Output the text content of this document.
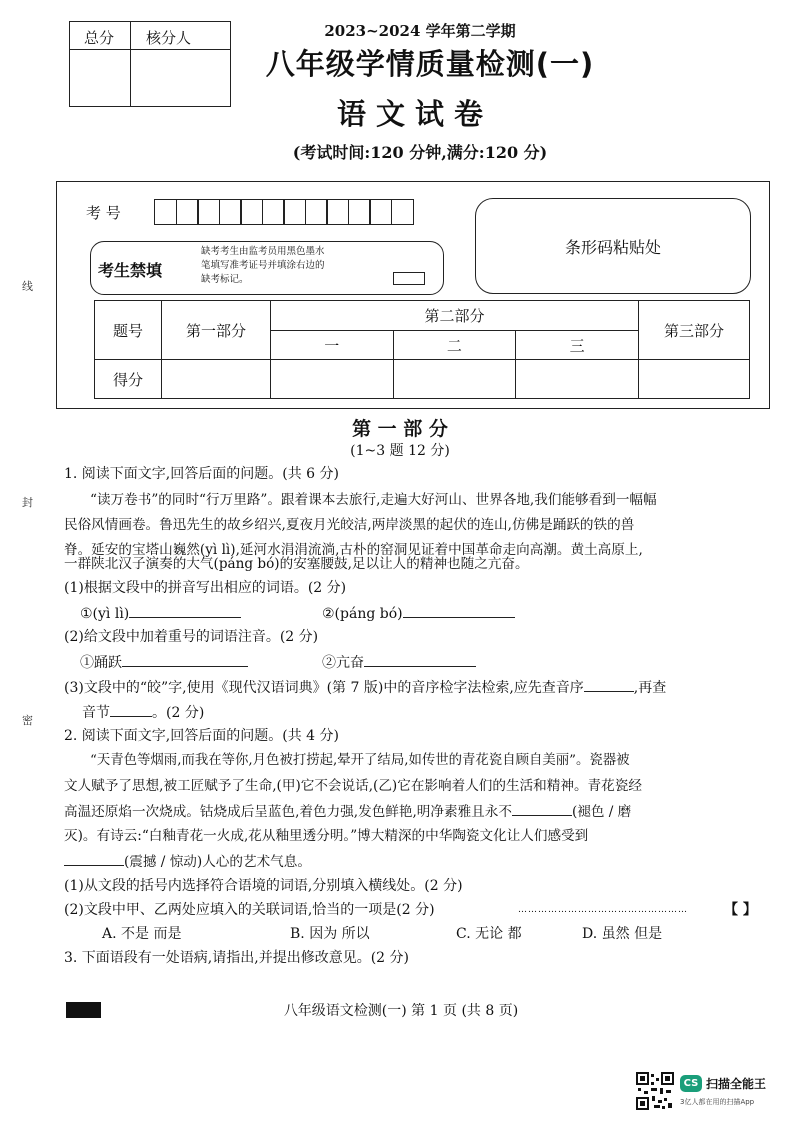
总分 核分人	2023~2024 学年第二学期
八年级学情质量检测(一)
语文试卷
(考试时间:120 分钟,满分:120 分)
线
封
密
考 号
条形码粘贴处
考生禁填
缺考考生由监考员用黑色墨水
笔填写准考证号并填涂右边的
缺考标记。
题号	第一部分	第二部分			第三部分
		一	二	三	
得分					
第 一 部 分
(1~3 题 12 分)
1. 阅读下面文字,回答后面的问题。(共 6 分)
“读万卷书”的同时“行万里路”。跟着课本去旅行,走遍大好河山、世界各地,我们能够看到一幅幅
民俗风情画卷。鲁迅先生的故乡绍兴,夏夜月光皎洁,两岸淡黑的起伏的连山,仿佛是踊跃的铁的兽
脊。延安的宝塔山巍然(yì lì),延河水涓涓流淌,古朴的窑洞见证着中国革命走向高潮。黄土高原上,
一群陕北汉子演奏的大气(páng bó)的安塞腰鼓,足以让人的精神也随之亢奋。
(1)根据文段中的拼音写出相应的词语。(2 分)
①(yì lì)	②(páng bó)
(2)给文段中加着重号的词语注音。(2 分)
①踊跃	②亢奋
(3)文段中的“皎”字,使用《现代汉语词典》(第 7 版)中的音序检字法检索,应先查音序	,再查
音节	。(2 分)
2. 阅读下面文字,回答后面的问题。(共 4 分)
“天青色等烟雨,而我在等你,月色被打捞起,晕开了结局,如传世的青花瓷自顾自美丽”。瓷器被
文人赋予了思想,被工匠赋予了生命,(甲)它不会说话,(乙)它在影响着人们的生活和精神。青花瓷经
高温还原焰一次烧成。钴烧成后呈蓝色,着色力强,发色鲜艳,明净素雅且永不	(褪色 / 磨
灭)。有诗云:“白釉青花一火成,花从釉里透分明。”博大精深的中华陶瓷文化让人们感受到
(震撼 / 惊动)人心的艺术气息。
(1)从文段的括号内选择符合语境的词语,分别填入横线处。(2 分)
(2)文段中甲、乙两处应填入的关联词语,恰当的一项是(2 分)	……………………………………………	【 】
A. 不是 而是	B. 因为 所以	C. 无论 都	D. 虽然 但是
3. 下面语段有一处语病,请指出,并提出修改意见。(2 分)
八年级语文检测(一) 第 1 页 (共 8 页)
CS 扫描全能王
3亿人都在用的扫描App
